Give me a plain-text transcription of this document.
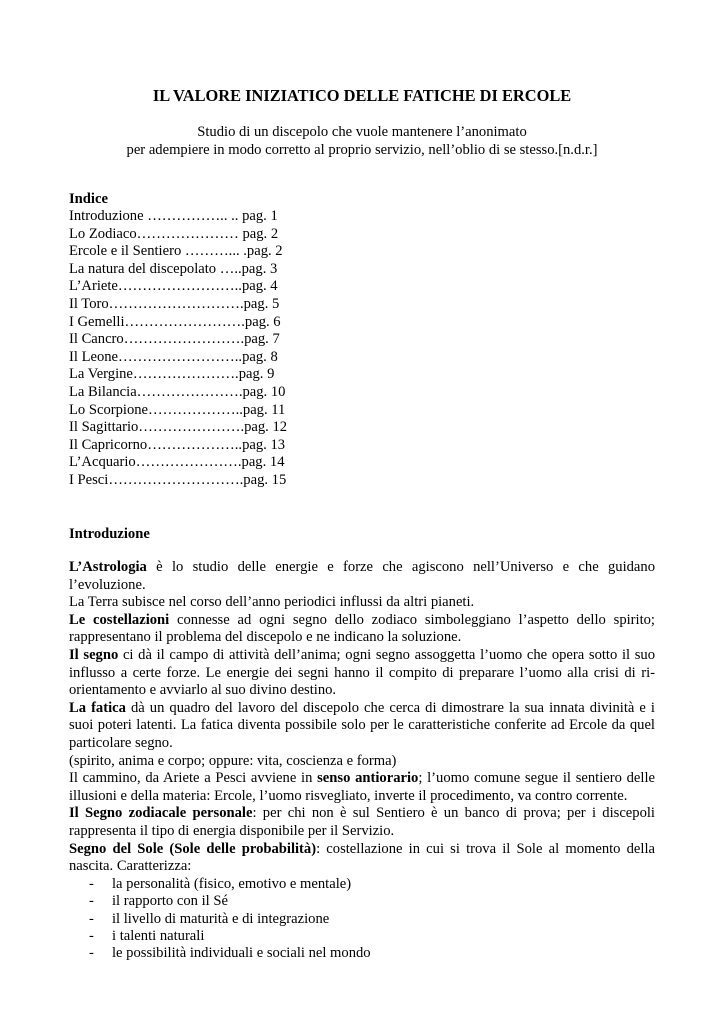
IL VALORE INIZIATICO DELLE FATICHE DI ERCOLE
Studio di un discepolo che vuole mantenere l’anonimato
per adempiere in modo corretto al proprio servizio, nell’oblio di se stesso.[n.d.r.]
Indice
Introduzione …………….. .. pag. 1
Lo Zodiaco………………… pag. 2
Ercole e il Sentiero ………... .pag. 2
La natura del discepolato …..pag. 3
L’Ariete……………………..pag. 4
Il Toro……………………….pag. 5
I Gemelli…………………….pag. 6
Il Cancro…………………….pag. 7
Il Leone……………………..pag. 8
La Vergine………………….pag. 9
La Bilancia………………….pag. 10
Lo Scorpione………………..pag. 11
Il Sagittario………………….pag. 12
Il Capricorno………………..pag. 13
L’Acquario………………….pag. 14
I Pesci……………………….pag. 15
Introduzione
L’Astrologia è lo studio delle energie e forze che agiscono nell’Universo e che guidano l’evoluzione.
La Terra subisce nel corso dell’anno periodici influssi da altri pianeti.
Le costellazioni connesse ad ogni segno dello zodiaco simboleggiano l’aspetto dello spirito; rappresentano il problema del discepolo e ne indicano la soluzione.
Il segno ci dà il campo di attività dell’anima; ogni segno assoggetta l’uomo che opera sotto il suo influsso a certe forze. Le energie dei segni hanno il compito di preparare l’uomo alla crisi di ri-orientamento e avviarlo al suo divino destino.
La fatica dà un quadro del lavoro del discepolo che cerca di dimostrare la sua innata divinità e i suoi poteri latenti. La fatica diventa possibile solo per le caratteristiche conferite ad Ercole da quel particolare segno.
(spirito, anima e corpo; oppure: vita, coscienza e forma)
Il cammino, da Ariete a Pesci avviene in senso antiorario; l’uomo comune segue il sentiero delle illusioni e della materia: Ercole, l’uomo risvegliato, inverte il procedimento, va contro corrente.
Il Segno zodiacale personale: per chi non è sul Sentiero è un banco di prova; per i discepoli rappresenta il tipo di energia disponibile per il Servizio.
Segno del Sole (Sole delle probabilità): costellazione in cui si trova il Sole al momento della nascita. Caratterizza:
- la personalità (fisico, emotivo e mentale)
- il rapporto con il Sé
- il livello di maturità e di integrazione
- i talenti naturali
- le possibilità individuali e sociali nel mondo
